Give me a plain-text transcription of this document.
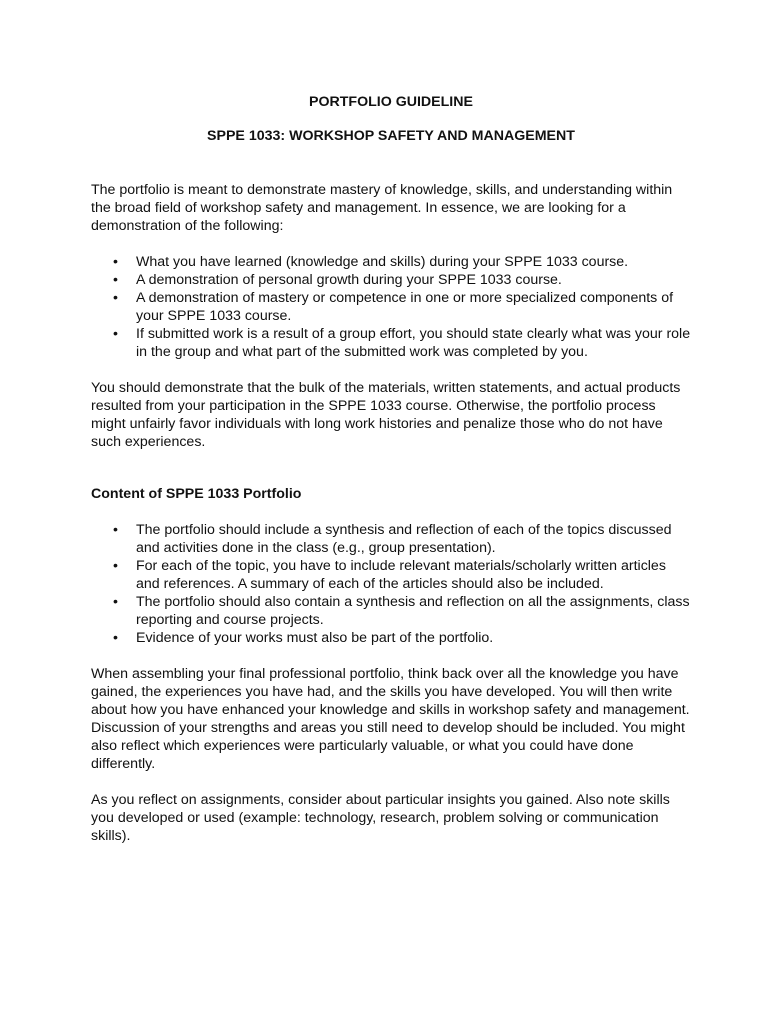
PORTFOLIO GUIDELINE

SPPE 1033: WORKSHOP SAFETY AND MANAGEMENT

The portfolio is meant to demonstrate mastery of knowledge, skills, and understanding within the broad field of workshop safety and management. In essence, we are looking for a demonstration of the following:

• What you have learned (knowledge and skills) during your SPPE 1033 course.
• A demonstration of personal growth during your SPPE 1033 course.
• A demonstration of mastery or competence in one or more specialized components of your SPPE 1033 course.
• If submitted work is a result of a group effort, you should state clearly what was your role in the group and what part of the submitted work was completed by you.

You should demonstrate that the bulk of the materials, written statements, and actual products resulted from your participation in the SPPE 1033 course. Otherwise, the portfolio process might unfairly favor individuals with long work histories and penalize those who do not have such experiences.

Content of SPPE 1033 Portfolio

• The portfolio should include a synthesis and reflection of each of the topics discussed and activities done in the class (e.g., group presentation).
• For each of the topic, you have to include relevant materials/scholarly written articles and references. A summary of each of the articles should also be included.
• The portfolio should also contain a synthesis and reflection on all the assignments, class reporting and course projects.
• Evidence of your works must also be part of the portfolio.

When assembling your final professional portfolio, think back over all the knowledge you have gained, the experiences you have had, and the skills you have developed. You will then write about how you have enhanced your knowledge and skills in workshop safety and management. Discussion of your strengths and areas you still need to develop should be included. You might also reflect which experiences were particularly valuable, or what you could have done differently.

As you reflect on assignments, consider about particular insights you gained. Also note skills you developed or used (example: technology, research, problem solving or communication skills).
